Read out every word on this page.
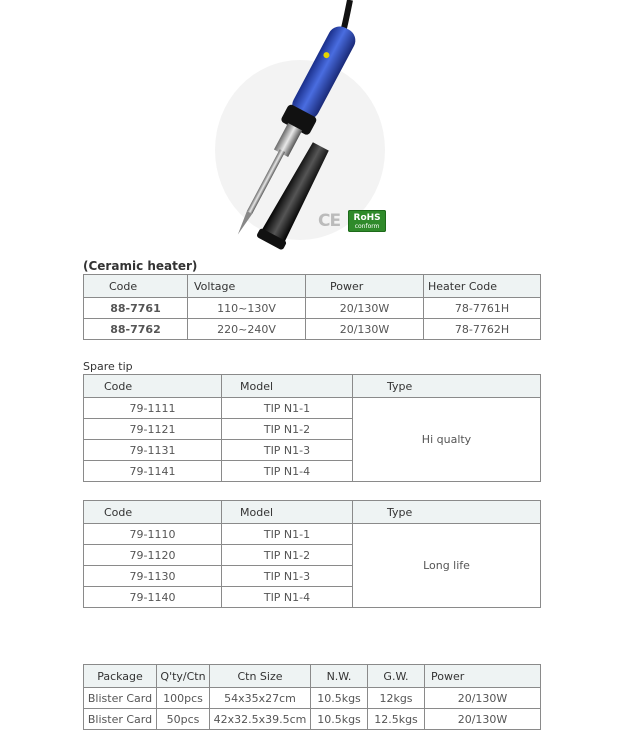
CE RoHS
conform
(Ceramic heater)
Code	Voltage	Power	Heater Code
88-7761	110~130V	20/130W	78-7761H
88-7762	220~240V	20/130W	78-7762H
Spare tip
Code	Model	Type
79-1111	TIP N1-1	Hi qualty
79-1121	TIP N1-2	
79-1131	TIP N1-3	
79-1141	TIP N1-4	
Code	Model	Type
79-1110	TIP N1-1	Long life
79-1120	TIP N1-2	
79-1130	TIP N1-3	
79-1140	TIP N1-4	
Package	Q'ty/Ctn	Ctn Size	N.W.	G.W.	Power
Blister Card	100pcs	54x35x27cm	10.5kgs	12kgs	20/130W
Blister Card	50pcs	42x32.5x39.5cm	10.5kgs	12.5kgs	20/130W
